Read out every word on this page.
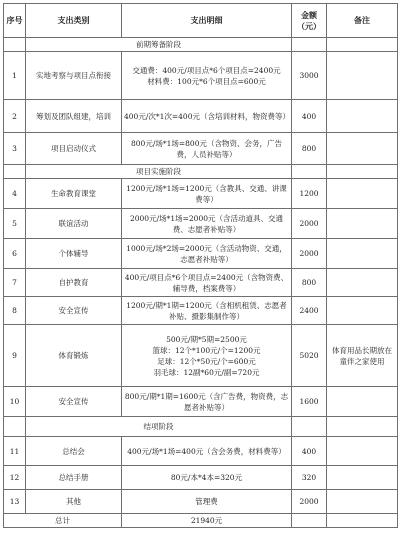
序号	支出类别	支出明细	金额（元）	备注
	前期筹备阶段			
1	实地考察与项目点衔接	交通费：400元/项目点*6个项目点=2400元
材料费：100元*6个项目点=600元	3000	
2	筹划及团队组建，培训	400元/次*1次=400元（含培训材料，物资费等）	400	
3	项目启动仪式	800元/场*1场=800元（含物资、会务，广告费，人员补贴等）	800	
	项目实施阶段			
4	生命教育课堂	1200元/场*1场=1200元（含教具、交通、讲课费等）	1200	
5	联谊活动	2000元/场*1场=2000元（含活动道具、交通费、志愿者补贴等）	2000	
6	个体辅导	1000元/场*2场=2000元（含活动物资、交通，志愿者补贴等）	2000	
7	自护教育	400元/项目点*6个项目点=2400元（含物资费、辅导费，档案费等）	800	
8	安全宣传	1200元/期*1期=1200元（含相机租赁、志愿者补贴、摄影集制作等）	2400	
9	体育锻炼	500元/期*5期=2500元
篮球：12个*100元/个=1200元
足球：12个*50元/个=600元
羽毛球：12副*60元/副=720元	5020	体育用品长期放在童伴之家使用
10	安全宣传	800元/期*1期=1600元（含广告费，物资费，志愿者补贴等）	1600	
	结项阶段			
11	总结会	400元/场*1场=400元（含会务费，材料费等）	400	
12	总结手册	80元/本*4本=320元	320	
13	其他	管理费	2000	
总计		21940元		
